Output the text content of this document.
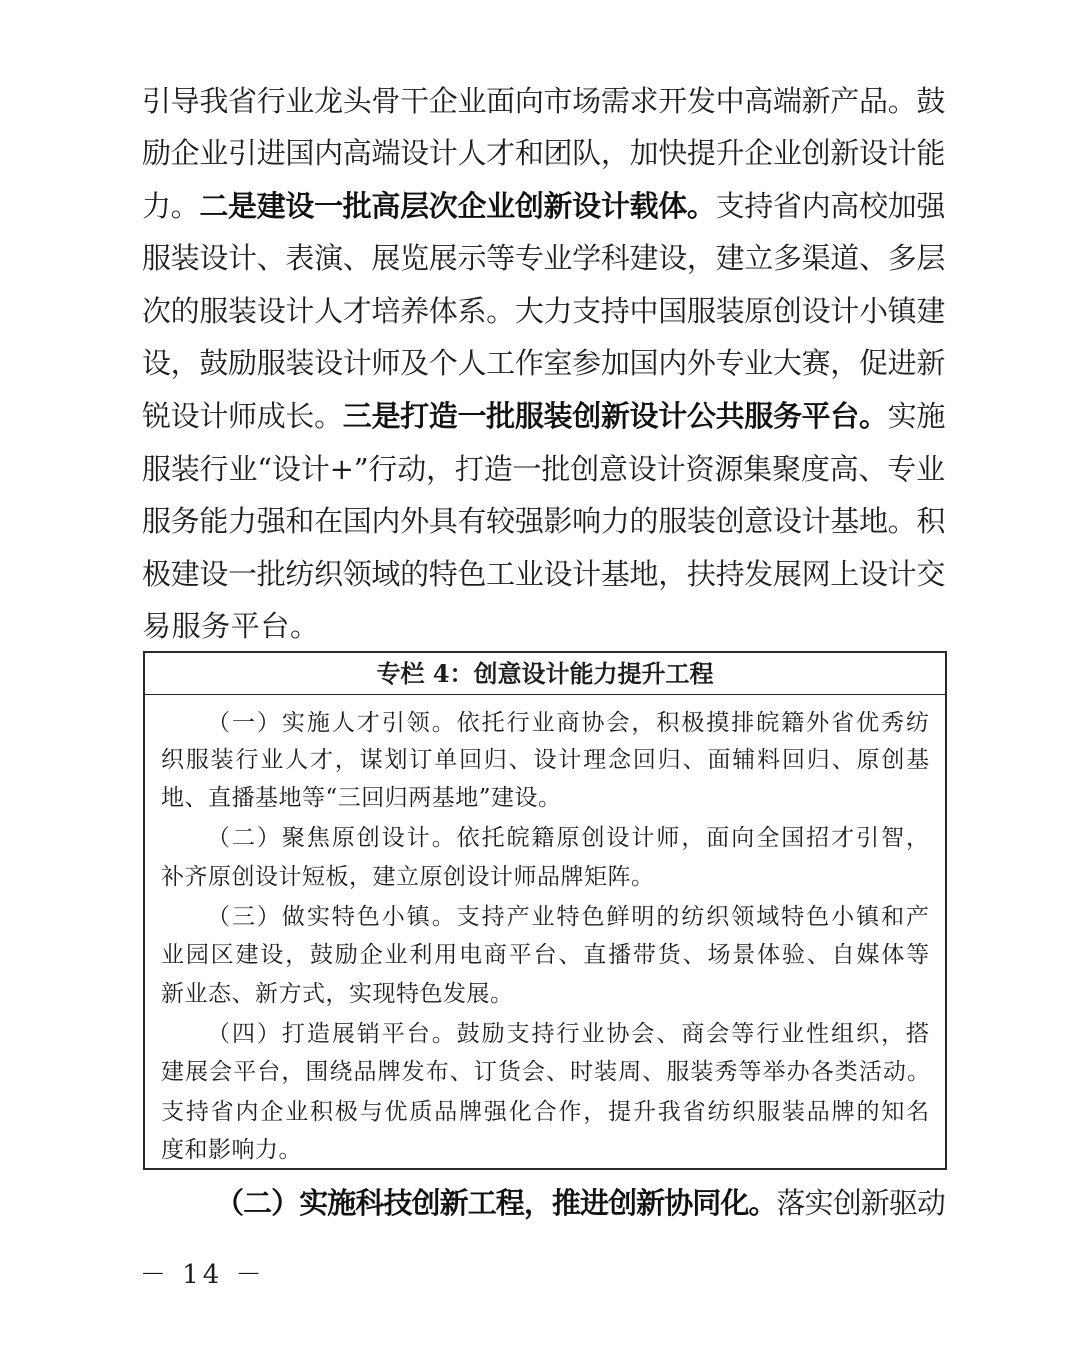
引导我省行业龙头骨干企业面向市场需求开发中高端新产品。鼓
励企业引进国内高端设计人才和团队，加快提升企业创新设计能
力。二是建设一批高层次企业创新设计载体。支持省内高校加强
服装设计、表演、展览展示等专业学科建设，建立多渠道、多层
次的服装设计人才培养体系。大力支持中国服装原创设计小镇建
设，鼓励服装设计师及个人工作室参加国内外专业大赛，促进新
锐设计师成长。三是打造一批服装创新设计公共服务平台。实施
服装行业“设计+”行动，打造一批创意设计资源集聚度高、专业
服务能力强和在国内外具有较强影响力的服装创意设计基地。积
极建设一批纺织领域的特色工业设计基地，扶持发展网上设计交
易服务平台。
专栏 4：创意设计能力提升工程
（一）实施人才引领。依托行业商协会，积极摸排皖籍外省优秀纺
织服装行业人才，谋划订单回归、设计理念回归、面辅料回归、原创基
地、直播基地等“三回归两基地”建设。
（二）聚焦原创设计。依托皖籍原创设计师，面向全国招才引智，
补齐原创设计短板，建立原创设计师品牌矩阵。
（三）做实特色小镇。支持产业特色鲜明的纺织领域特色小镇和产
业园区建设，鼓励企业利用电商平台、直播带货、场景体验、自媒体等
新业态、新方式，实现特色发展。
（四）打造展销平台。鼓励支持行业协会、商会等行业性组织，搭
建展会平台，围绕品牌发布、订货会、时装周、服装秀等举办各类活动。
支持省内企业积极与优质品牌强化合作，提升我省纺织服装品牌的知名
度和影响力。
（二）实施科技创新工程，推进创新协同化。落实创新驱动
－ 14 －
